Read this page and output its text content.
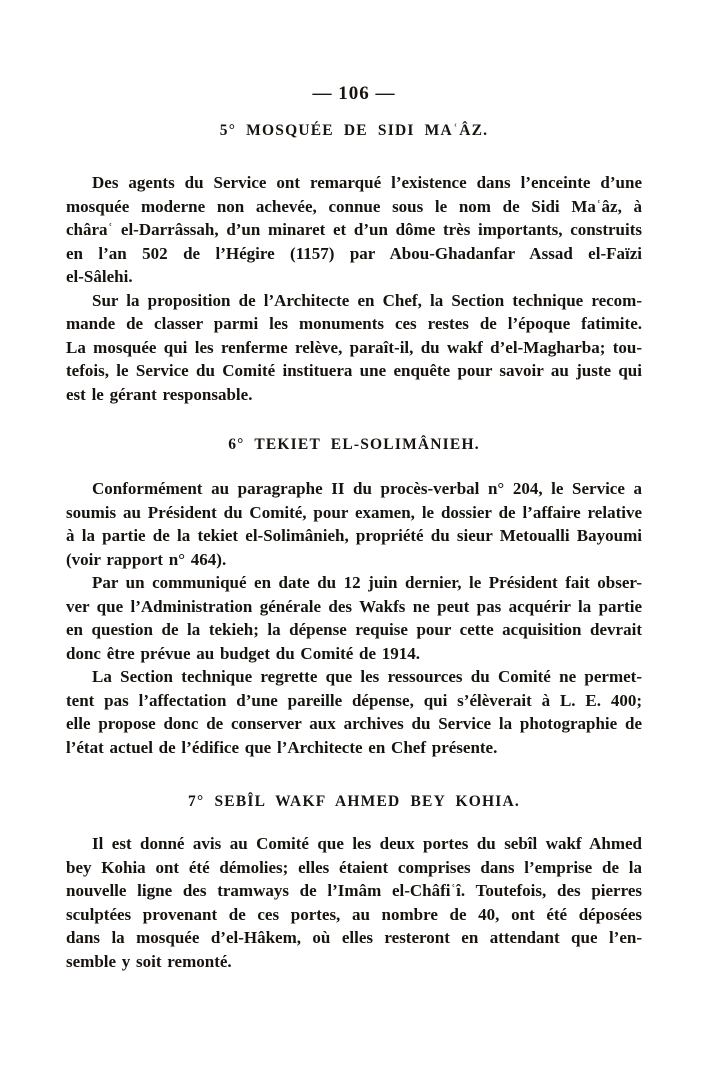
— 106 —
5° MOSQUÉE DE SIDI MAʿÂZ.
Des agents du Service ont remarqué l’existence dans l’enceinte d’une
mosquée moderne non achevée, connue sous le nom de Sidi Maʿâz, à
châraʿ el-Darrâssah, d’un minaret et d’un dôme très importants, construits
en l’an 502 de l’Hégire (1157) par Abou-Ghadanfar Assad el-Faïzi
el-Sâlehi.
Sur la proposition de l’Architecte en Chef, la Section technique recom-
mande de classer parmi les monuments ces restes de l’époque fatimite.
La mosquée qui les renferme relève, paraît-il, du wakf d’el-Magharba; tou-
tefois, le Service du Comité instituera une enquête pour savoir au juste qui
est le gérant responsable.
6° TEKIET EL-SOLIMÂNIEH.
Conformément au paragraphe II du procès-verbal n° 204, le Service a
soumis au Président du Comité, pour examen, le dossier de l’affaire relative
à la partie de la tekiet el-Solimânieh, propriété du sieur Metoualli Bayoumi
(voir rapport n° 464).
Par un communiqué en date du 12 juin dernier, le Président fait obser-
ver que l’Administration générale des Wakfs ne peut pas acquérir la partie
en question de la tekieh; la dépense requise pour cette acquisition devrait
donc être prévue au budget du Comité de 1914.
La Section technique regrette que les ressources du Comité ne permet-
tent pas l’affectation d’une pareille dépense, qui s’élèverait à L. E. 400;
elle propose donc de conserver aux archives du Service la photographie de
l’état actuel de l’édifice que l’Architecte en Chef présente.
7° SEBÎL WAKF AHMED BEY KOHIA.
Il est donné avis au Comité que les deux portes du sebîl wakf Ahmed
bey Kohia ont été démolies; elles étaient comprises dans l’emprise de la
nouvelle ligne des tramways de l’Imâm el-Châfiʿî. Toutefois, des pierres
sculptées provenant de ces portes, au nombre de 40, ont été déposées
dans la mosquée d’el-Hâkem, où elles resteront en attendant que l’en-
semble y soit remonté.
